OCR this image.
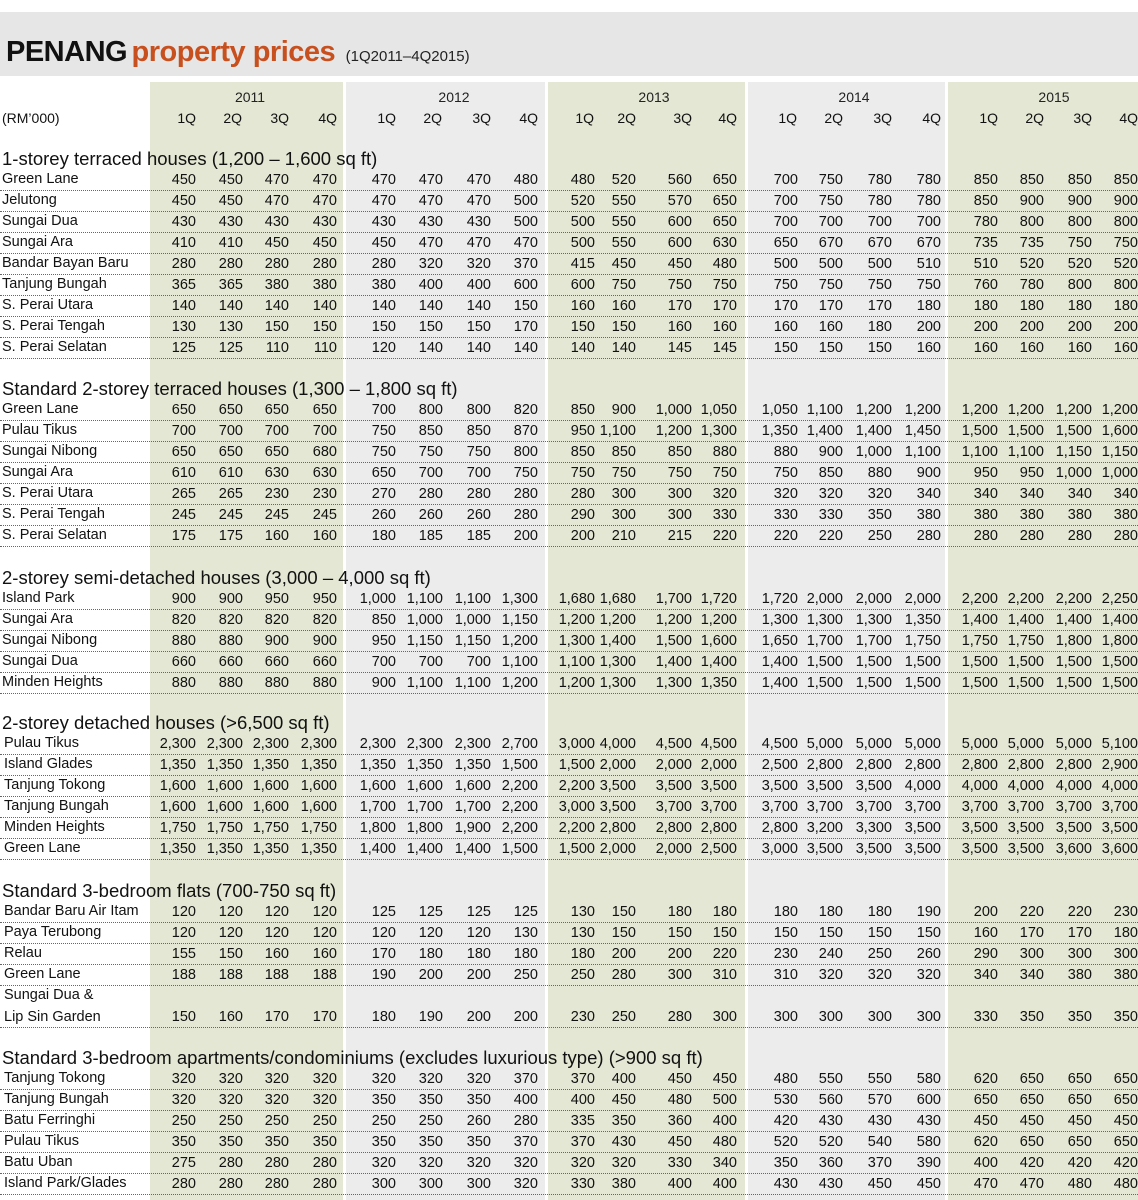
PENANG property prices (1Q2011–4Q2015)
(RM’000)
2011
1Q	2Q	3Q	4Q
2012
1Q	2Q	3Q	4Q
2013
1Q	2Q	3Q	4Q
2014
1Q	2Q	3Q	4Q
2015
1Q	2Q	3Q	4Q
1-storey terraced houses (1,200 – 1,600 sq ft)
Green Lane	450	450	470	470	470	470	470	480	480	520	560	650	700	750	780	780	850	850	850	850
Jelutong	450	450	470	470	470	470	470	500	520	550	570	650	700	750	780	780	850	900	900	900
Sungai Dua	430	430	430	430	430	430	430	500	500	550	600	650	700	700	700	700	780	800	800	800
Sungai Ara	410	410	450	450	450	470	470	470	500	550	600	630	650	670	670	670	735	735	750	750
Bandar Bayan Baru	280	280	280	280	280	320	320	370	415	450	450	480	500	500	500	510	510	520	520	520
Tanjung Bungah	365	365	380	380	380	400	400	600	600	750	750	750	750	750	750	750	760	780	800	800
S. Perai Utara	140	140	140	140	140	140	140	150	160	160	170	170	170	170	170	180	180	180	180	180
S. Perai Tengah	130	130	150	150	150	150	150	170	150	150	160	160	160	160	180	200	200	200	200	200
S. Perai Selatan	125	125	110	110	120	140	140	140	140	140	145	145	150	150	150	160	160	160	160	160
Standard 2-storey terraced houses (1,300 – 1,800 sq ft)
Green Lane	650	650	650	650	700	800	800	820	850	900	1,000 1,050	1,050 1,100 1,200 1,200	1,200 1,200 1,200 1,200
Pulau Tikus	700	700	700	700	750	850	850	870	950 1,100	1,200 1,300	1,350 1,400 1,400 1,450	1,500 1,500 1,500 1,600
Sungai Nibong	650	650	650	680	750	750	750	800	850	850	850	880	880	900 1,000 1,100	1,100 1,100 1,150 1,150
Sungai Ara	610	610	630	630	650	700	700	750	750	750	750	750	750	850	880	900	950	950 1,000 1,000
S. Perai Utara	265	265	230	230	270	280	280	280	280	300	300	320	320	320	320	340	340	340	340	340
S. Perai Tengah	245	245	245	245	260	260	260	280	290	300	300	330	330	330	350	380	380	380	380	380
S. Perai Selatan	175	175	160	160	180	185	185	200	200	210	215	220	220	220	250	280	280	280	280	280
2-storey semi-detached houses (3,000 – 4,000 sq ft)
Island Park	900	900	950	950	1,000 1,100 1,100 1,300	1,680 1,680	1,700 1,720	1,720 2,000 2,000 2,000	2,200 2,200 2,200 2,250
Sungai Ara	820	820	820	820	850 1,000 1,000 1,150	1,200 1,200	1,200 1,200	1,300 1,300 1,300 1,350	1,400 1,400 1,400 1,400
Sungai Nibong	880	880	900	900	950 1,150 1,150 1,200	1,300 1,400	1,500 1,600	1,650 1,700 1,700 1,750	1,750 1,750 1,800 1,800
Sungai Dua	660	660	660	660	700	700	700 1,100	1,100 1,300	1,400 1,400	1,400 1,500 1,500 1,500	1,500 1,500 1,500 1,500
Minden Heights	880	880	880	880	900 1,100 1,100 1,200	1,200 1,300	1,300 1,350	1,400 1,500 1,500 1,500	1,500 1,500 1,500 1,500
2-storey detached houses (>6,500 sq ft)
Pulau Tikus	2,300 2,300 2,300 2,300	2,300 2,300 2,300 2,700	3,000 4,000	4,500 4,500	4,500 5,000 5,000 5,000	5,000 5,000 5,000 5,100
Island Glades	1,350 1,350 1,350 1,350	1,350 1,350 1,350 1,500	1,500 2,000	2,000 2,000	2,500 2,800 2,800 2,800	2,800 2,800 2,800 2,900
Tanjung Tokong	1,600 1,600 1,600 1,600	1,600 1,600 1,600 2,200	2,200 3,500	3,500 3,500	3,500 3,500 3,500 4,000	4,000 4,000 4,000 4,000
Tanjung Bungah	1,600 1,600 1,600 1,600	1,700 1,700 1,700 2,200	3,000 3,500	3,700 3,700	3,700 3,700 3,700 3,700	3,700 3,700 3,700 3,700
Minden Heights	1,750 1,750 1,750 1,750	1,800 1,800 1,900 2,200	2,200 2,800	2,800 2,800	2,800 3,200 3,300 3,500	3,500 3,500 3,500 3,500
Green Lane	1,350 1,350 1,350 1,350	1,400 1,400 1,400 1,500	1,500 2,000	2,000 2,500	3,000 3,500 3,500 3,500	3,500 3,500 3,600 3,600
Standard 3-bedroom flats (700-750 sq ft)
Bandar Baru Air Itam	120	120	120	120	125	125	125	125	130	150	180	180	180	180	180	190	200	220	220	230
Paya Terubong	120	120	120	120	120	120	120	130	130	150	150	150	150	150	150	150	160	170	170	180
Relau	155	150	160	160	170	180	180	180	180	200	200	220	230	240	250	260	290	300	300	300
Green Lane	188	188	188	188	190	200	200	250	250	280	300	310	310	320	320	320	340	340	380	380
Sungai Dua &
Lip Sin Garden	150	160	170	170	180	190	200	200	230	250	280	300	300	300	300	300	330	350	350	350
Standard 3-bedroom apartments/condominiums (excludes luxurious type) (>900 sq ft)
Tanjung Tokong	320	320	320	320	320	320	320	370	370	400	450	450	480	550	550	580	620	650	650	650
Tanjung Bungah	320	320	320	320	350	350	350	400	400	450	480	500	530	560	570	600	650	650	650	650
Batu Ferringhi	250	250	250	250	250	250	260	280	335	350	360	400	420	430	430	430	450	450	450	450
Pulau Tikus	350	350	350	350	350	350	350	370	370	430	450	480	520	520	540	580	620	650	650	650
Batu Uban	275	280	280	280	320	320	320	320	320	320	330	340	350	360	370	390	400	420	420	420
Island Park/Glades	280	280	280	280	300	300	300	320	330	380	400	400	430	430	450	450	470	470	480	480
